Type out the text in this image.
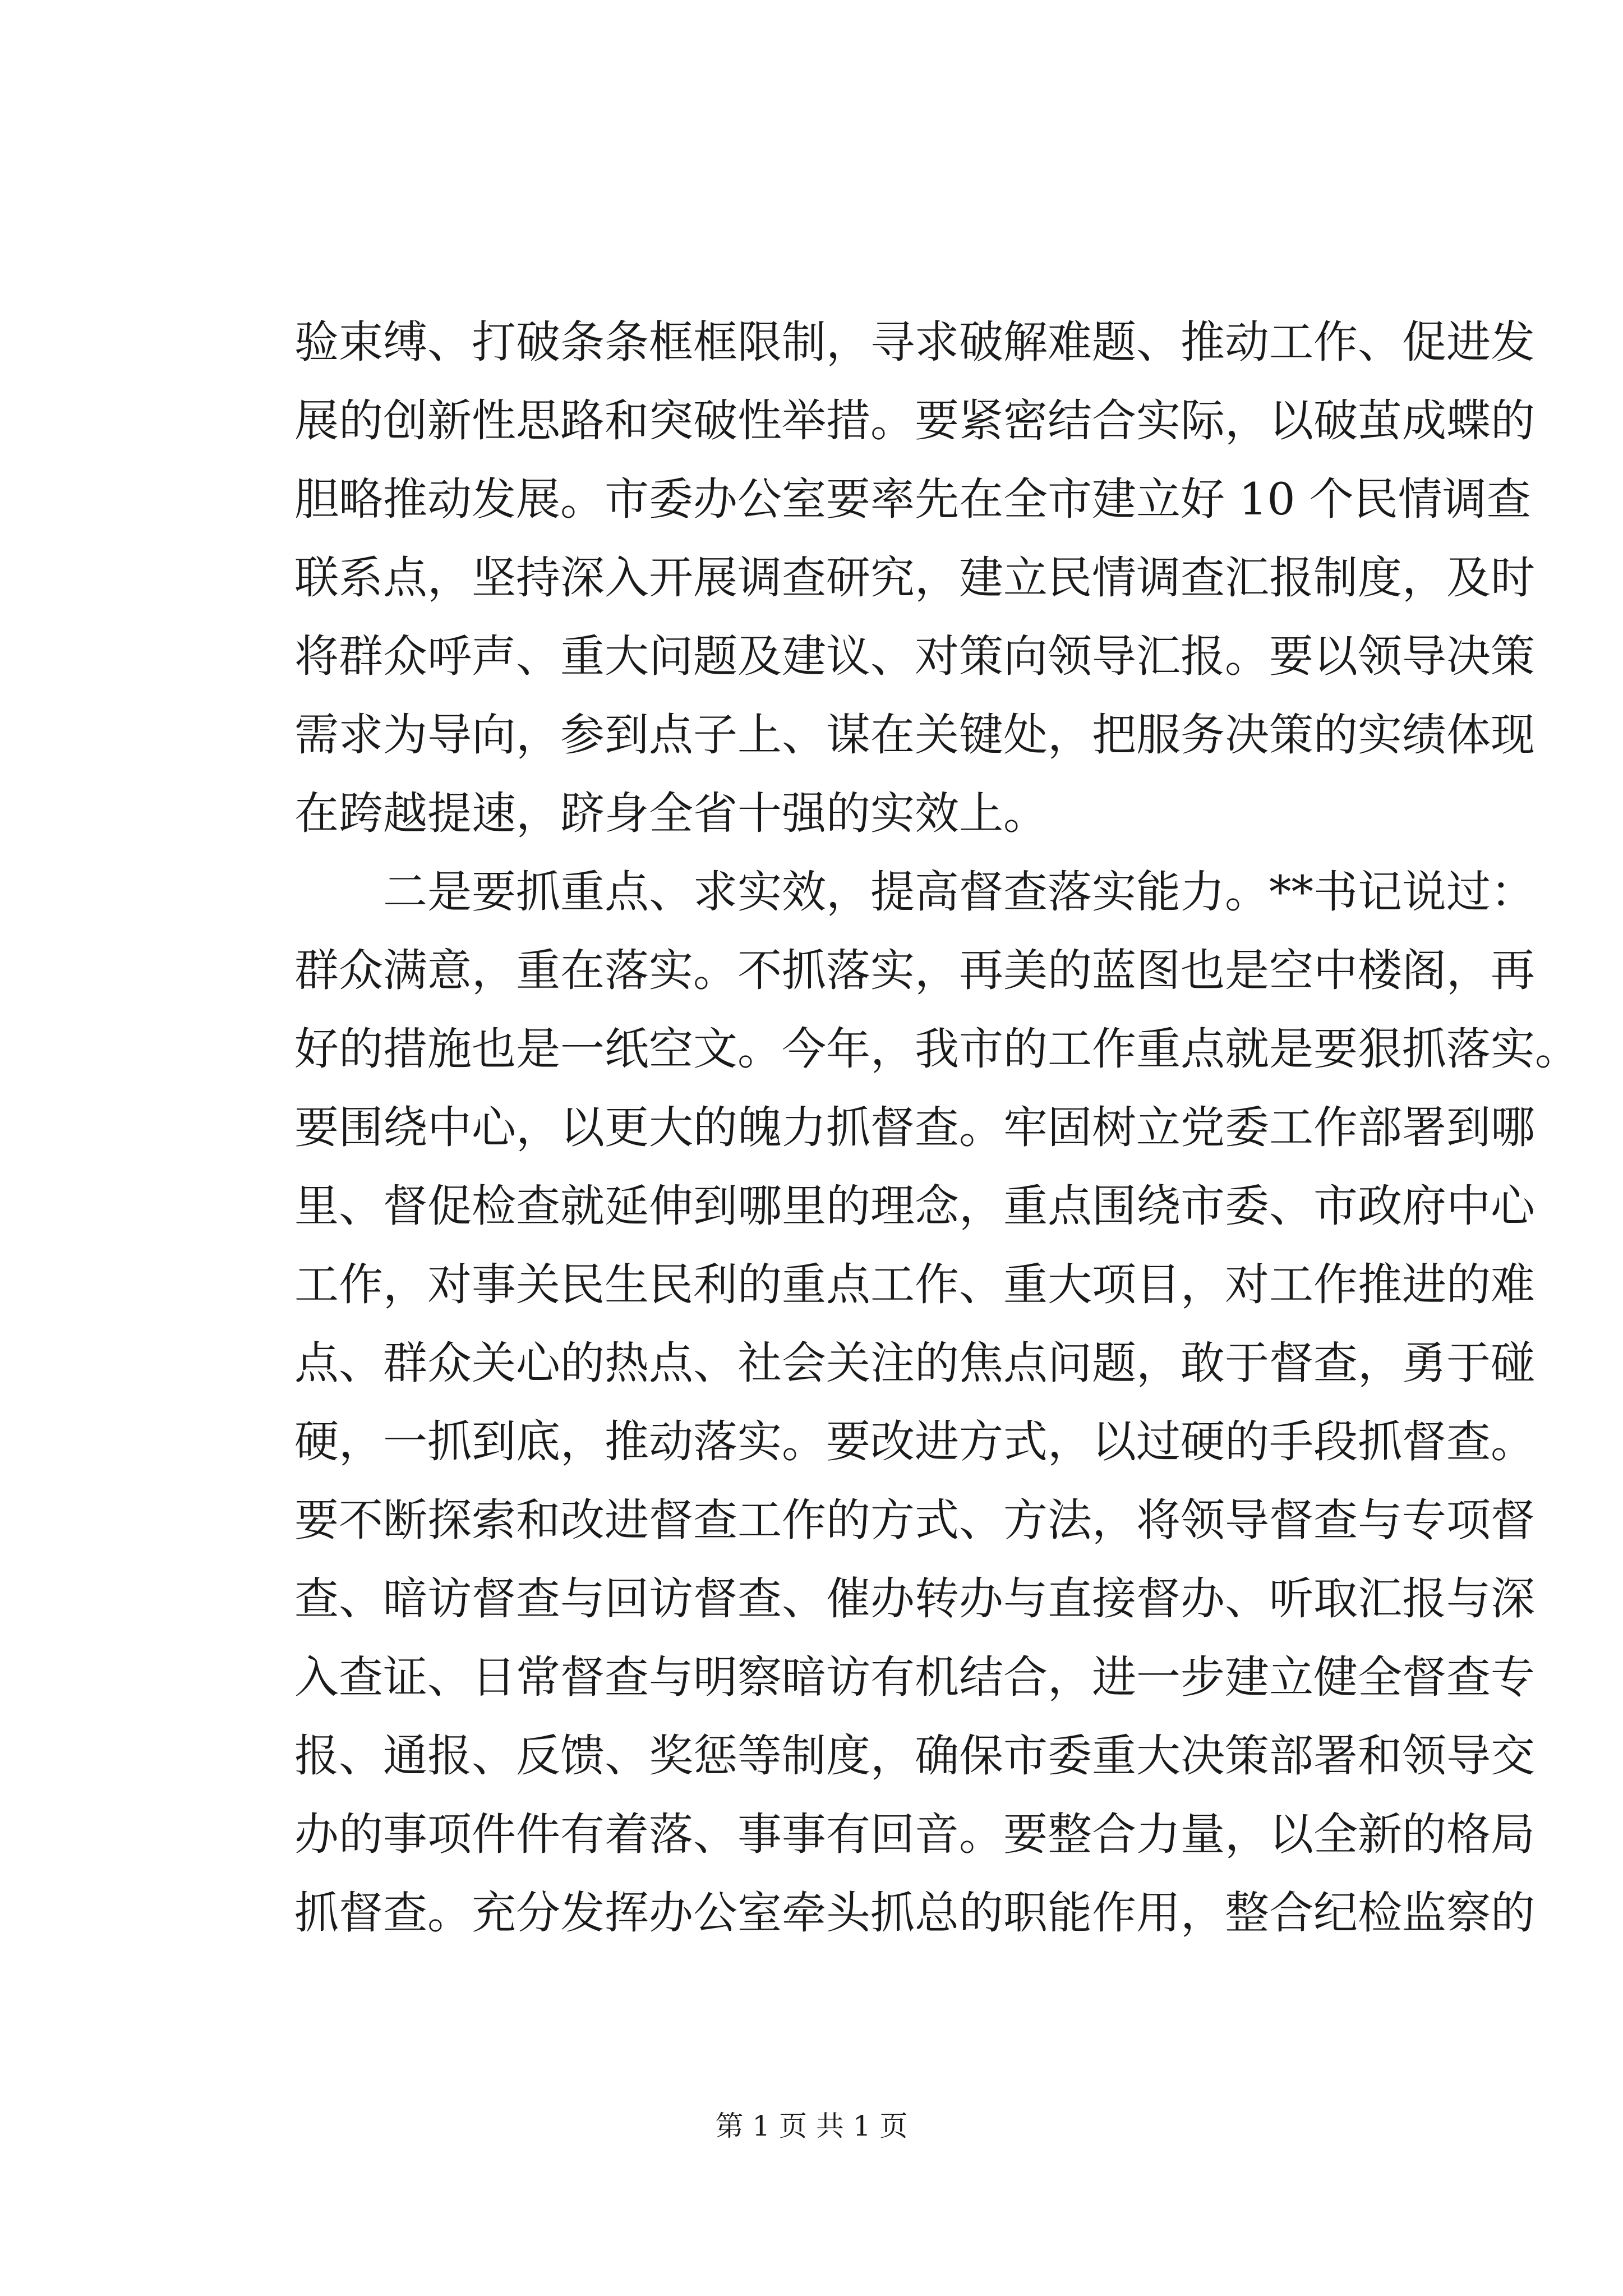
验束缚、打破条条框框限制，寻求破解难题、推动工作、促进发
展的创新性思路和突破性举措。要紧密结合实际，以破茧成蝶的
胆略推动发展。市委办公室要率先在全市建立好 10 个民情调查
联系点，坚持深入开展调查研究，建立民情调查汇报制度，及时
将群众呼声、重大问题及建议、对策向领导汇报。要以领导决策
需求为导向，参到点子上、谋在关键处，把服务决策的实绩体现
在跨越提速，跻身全省十强的实效上。
二是要抓重点、求实效，提高督查落实能力。**书记说过：
群众满意，重在落实。不抓落实，再美的蓝图也是空中楼阁，再
好的措施也是一纸空文。今年，我市的工作重点就是要狠抓落实。
要围绕中心，以更大的魄力抓督查。牢固树立党委工作部署到哪
里、督促检查就延伸到哪里的理念，重点围绕市委、市政府中心
工作，对事关民生民利的重点工作、重大项目，对工作推进的难
点、群众关心的热点、社会关注的焦点问题，敢于督查，勇于碰
硬，一抓到底，推动落实。要改进方式，以过硬的手段抓督查。
要不断探索和改进督查工作的方式、方法，将领导督查与专项督
查、暗访督查与回访督查、催办转办与直接督办、听取汇报与深
入查证、日常督查与明察暗访有机结合，进一步建立健全督查专
报、通报、反馈、奖惩等制度，确保市委重大决策部署和领导交
办的事项件件有着落、事事有回音。要整合力量，以全新的格局
抓督查。充分发挥办公室牵头抓总的职能作用，整合纪检监察的
第 1 页 共 1 页
